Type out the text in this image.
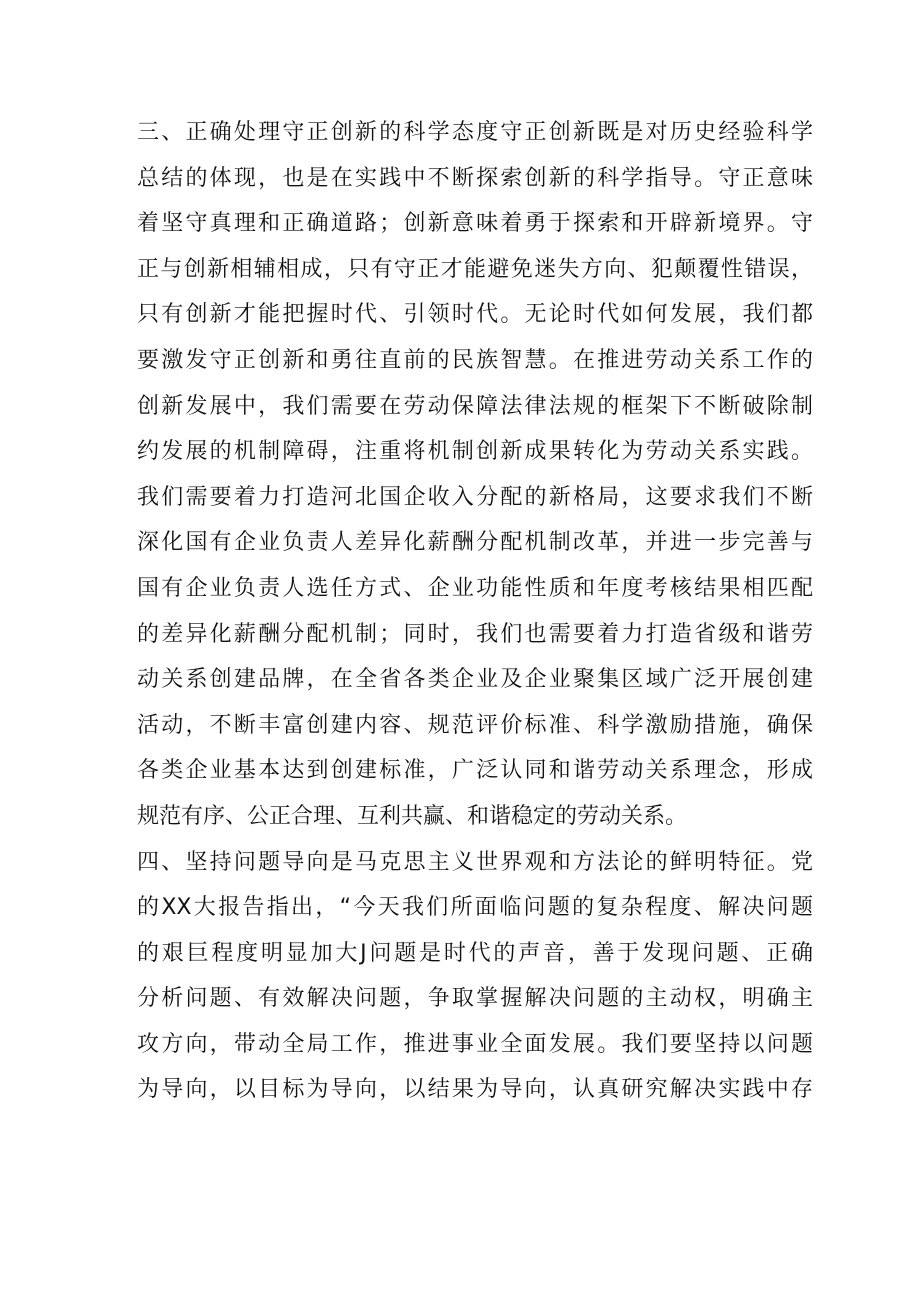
三、正确处理守正创新的科学态度守正创新既是对历史经验科学
总结的体现，也是在实践中不断探索创新的科学指导。守正意味
着坚守真理和正确道路；创新意味着勇于探索和开辟新境界。守
正与创新相辅相成，只有守正才能避免迷失方向、犯颠覆性错误，
只有创新才能把握时代、引领时代。无论时代如何发展，我们都
要激发守正创新和勇往直前的民族智慧。在推进劳动关系工作的
创新发展中，我们需要在劳动保障法律法规的框架下不断破除制
约发展的机制障碍，注重将机制创新成果转化为劳动关系实践。
我们需要着力打造河北国企收入分配的新格局，这要求我们不断
深化国有企业负责人差异化薪酬分配机制改革，并进一步完善与
国有企业负责人选任方式、企业功能性质和年度考核结果相匹配
的差异化薪酬分配机制；同时，我们也需要着力打造省级和谐劳
动关系创建品牌，在全省各类企业及企业聚集区域广泛开展创建
活动，不断丰富创建内容、规范评价标准、科学激励措施，确保
各类企业基本达到创建标准，广泛认同和谐劳动关系理念，形成
规范有序、公正合理、互利共赢、和谐稳定的劳动关系。
四、坚持问题导向是马克思主义世界观和方法论的鲜明特征。党
的XX大报告指出，“今天我们所面临问题的复杂程度、解决问题
的艰巨程度明显加大J问题是时代的声音，善于发现问题、正确
分析问题、有效解决问题，争取掌握解决问题的主动权，明确主
攻方向，带动全局工作，推进事业全面发展。我们要坚持以问题
为导向，以目标为导向，以结果为导向，认真研究解决实践中存
